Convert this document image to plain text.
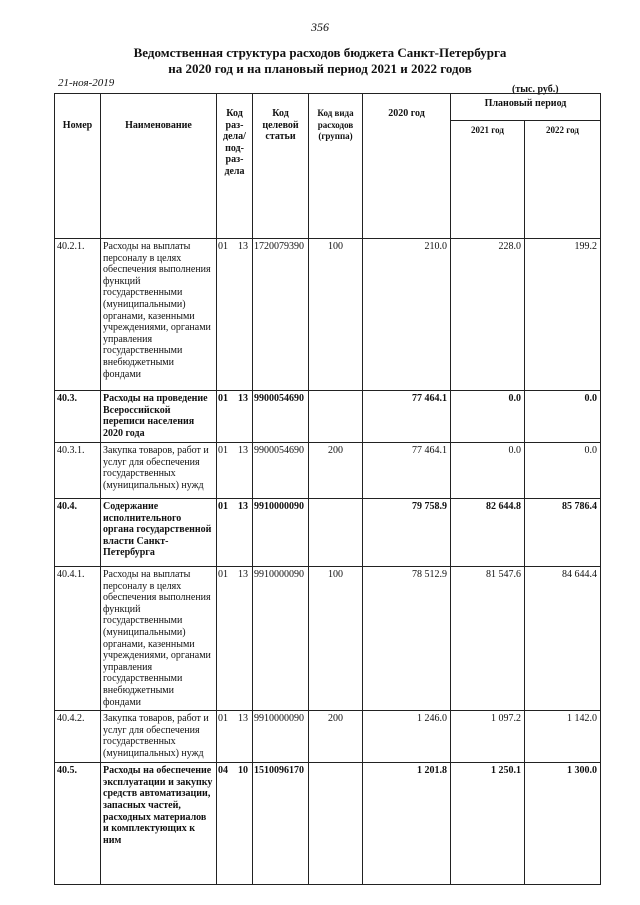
356
Ведомственная структура расходов бюджета Санкт-Петербурга
на 2020 год и на плановый период 2021 и 2022 годов
21-ноя-2019
(тыс. руб.)
Номер	Наименование	Код раз-дела/ под-раз-дела	Код целевой статьи	Код вида расходов (группа)	2020 год	Плановый период	
						2021 год	2022 год
40.2.1.	Расходы на выплаты персоналу в целях обеспечения выполнения функций государственными (муниципальными) органами, казенными учреждениями, органами управления государственными внебюджетными фондами	01 13	1720079390	100	210.0	228.0	199.2
40.3.	Расходы на проведение Всероссийской переписи населения 2020 года	01 13	9900054690		77 464.1	0.0	0.0
40.3.1.	Закупка товаров, работ и услуг для обеспечения государственных (муниципальных) нужд	01 13	9900054690	200	77 464.1	0.0	0.0
40.4.	Содержание исполнительного органа государственной власти Санкт-Петербурга	01 13	9910000090		79 758.9	82 644.8	85 786.4
40.4.1.	Расходы на выплаты персоналу в целях обеспечения выполнения функций государственными (муниципальными) органами, казенными учреждениями, органами управления государственными внебюджетными фондами	01 13	9910000090	100	78 512.9	81 547.6	84 644.4
40.4.2.	Закупка товаров, работ и услуг для обеспечения государственных (муниципальных) нужд	01 13	9910000090	200	1 246.0	1 097.2	1 142.0
40.5.	Расходы на обеспечение эксплуатации и закупку средств автоматизации, запасных частей, расходных материалов и комплектующих к ним	04 10	1510096170		1 201.8	1 250.1	1 300.0
